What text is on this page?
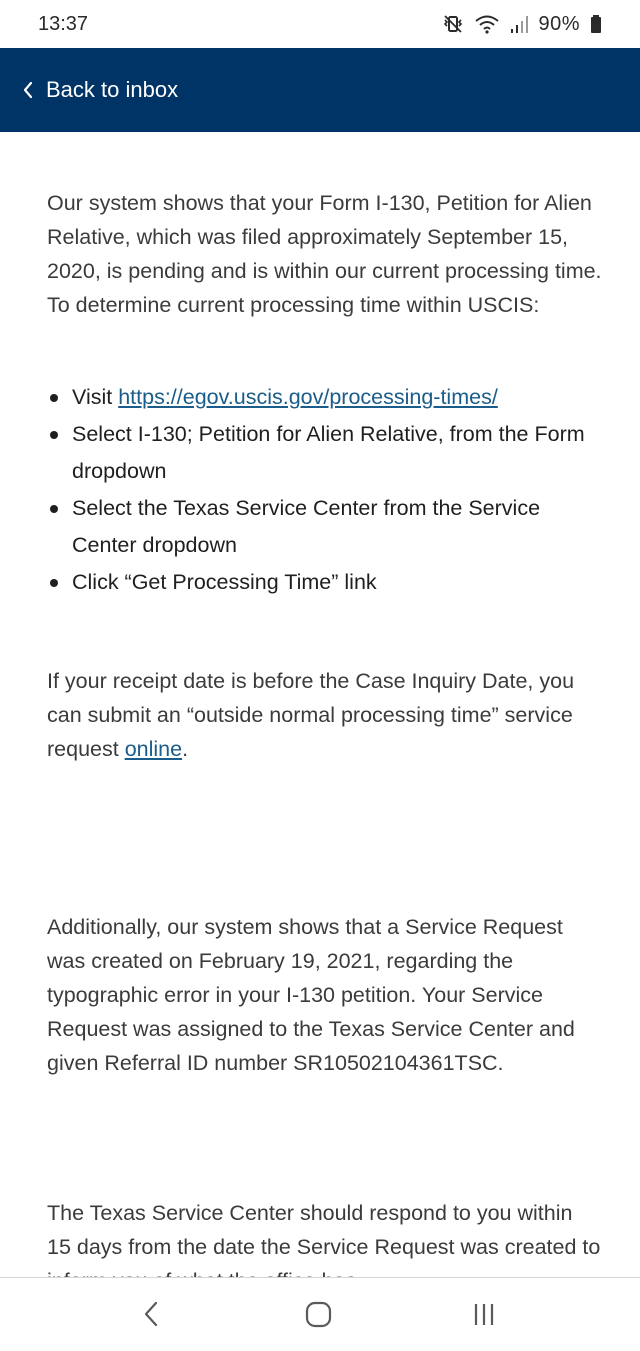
13:37	90%
Back to inbox

Our system shows that your Form I-130, Petition for Alien Relative, which was filed approximately September 15, 2020, is pending and is within our current processing time. To determine current processing time within USCIS:

Visit https://egov.uscis.gov/processing-times/
Select I-130; Petition for Alien Relative, from the Form dropdown
Select the Texas Service Center from the Service Center dropdown
Click “Get Processing Time” link

If your receipt date is before the Case Inquiry Date, you can submit an “outside normal processing time” service request online.

Additionally, our system shows that a Service Request was created on February 19, 2021, regarding the typographic error in your I-130 petition. Your Service Request was assigned to the Texas Service Center and given Referral ID number SR10502104361TSC.

The Texas Service Center should respond to you within 15 days from the date the Service Request was created to
